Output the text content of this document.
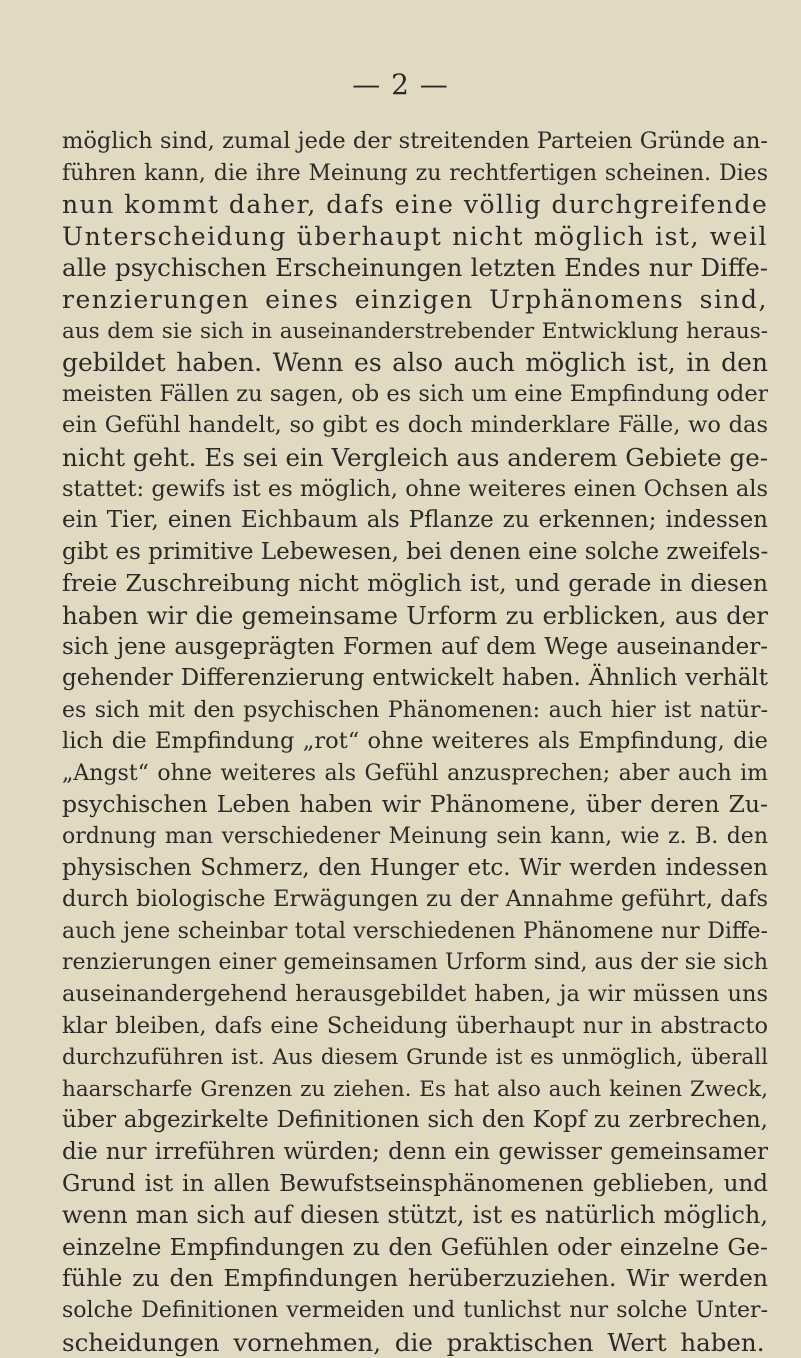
— 2 —
möglich sind, zumal jede der streitenden Parteien Gründe an-
führen kann, die ihre Meinung zu rechtfertigen scheinen. Dies
nun kommt daher, dafs eine völlig durchgreifende
Unterscheidung überhaupt nicht möglich ist, weil
alle psychischen Erscheinungen letzten Endes nur Diffe-
renzierungen eines einzigen Urphänomens sind,
aus dem sie sich in auseinanderstrebender Entwicklung heraus-
gebildet haben. Wenn es also auch möglich ist, in den
meisten Fällen zu sagen, ob es sich um eine Empfindung oder
ein Gefühl handelt, so gibt es doch minderklare Fälle, wo das
nicht geht. Es sei ein Vergleich aus anderem Gebiete ge-
stattet: gewifs ist es möglich, ohne weiteres einen Ochsen als
ein Tier, einen Eichbaum als Pflanze zu erkennen; indessen
gibt es primitive Lebewesen, bei denen eine solche zweifels-
freie Zuschreibung nicht möglich ist, und gerade in diesen
haben wir die gemeinsame Urform zu erblicken, aus der
sich jene ausgeprägten Formen auf dem Wege auseinander-
gehender Differenzierung entwickelt haben. Ähnlich verhält
es sich mit den psychischen Phänomenen: auch hier ist natür-
lich die Empfindung „rot“ ohne weiteres als Empfindung, die
„Angst“ ohne weiteres als Gefühl anzusprechen; aber auch im
psychischen Leben haben wir Phänomene, über deren Zu-
ordnung man verschiedener Meinung sein kann, wie z. B. den
physischen Schmerz, den Hunger etc. Wir werden indessen
durch biologische Erwägungen zu der Annahme geführt, dafs
auch jene scheinbar total verschiedenen Phänomene nur Diffe-
renzierungen einer gemeinsamen Urform sind, aus der sie sich
auseinandergehend herausgebildet haben, ja wir müssen uns
klar bleiben, dafs eine Scheidung überhaupt nur in abstracto
durchzuführen ist. Aus diesem Grunde ist es unmöglich, überall
haarscharfe Grenzen zu ziehen. Es hat also auch keinen Zweck,
über abgezirkelte Definitionen sich den Kopf zu zerbrechen,
die nur irreführen würden; denn ein gewisser gemeinsamer
Grund ist in allen Bewufstseinsphänomenen geblieben, und
wenn man sich auf diesen stützt, ist es natürlich möglich,
einzelne Empfindungen zu den Gefühlen oder einzelne Ge-
fühle zu den Empfindungen herüberzuziehen. Wir werden
solche Definitionen vermeiden und tunlichst nur solche Unter-
scheidungen vornehmen, die praktischen Wert haben.
